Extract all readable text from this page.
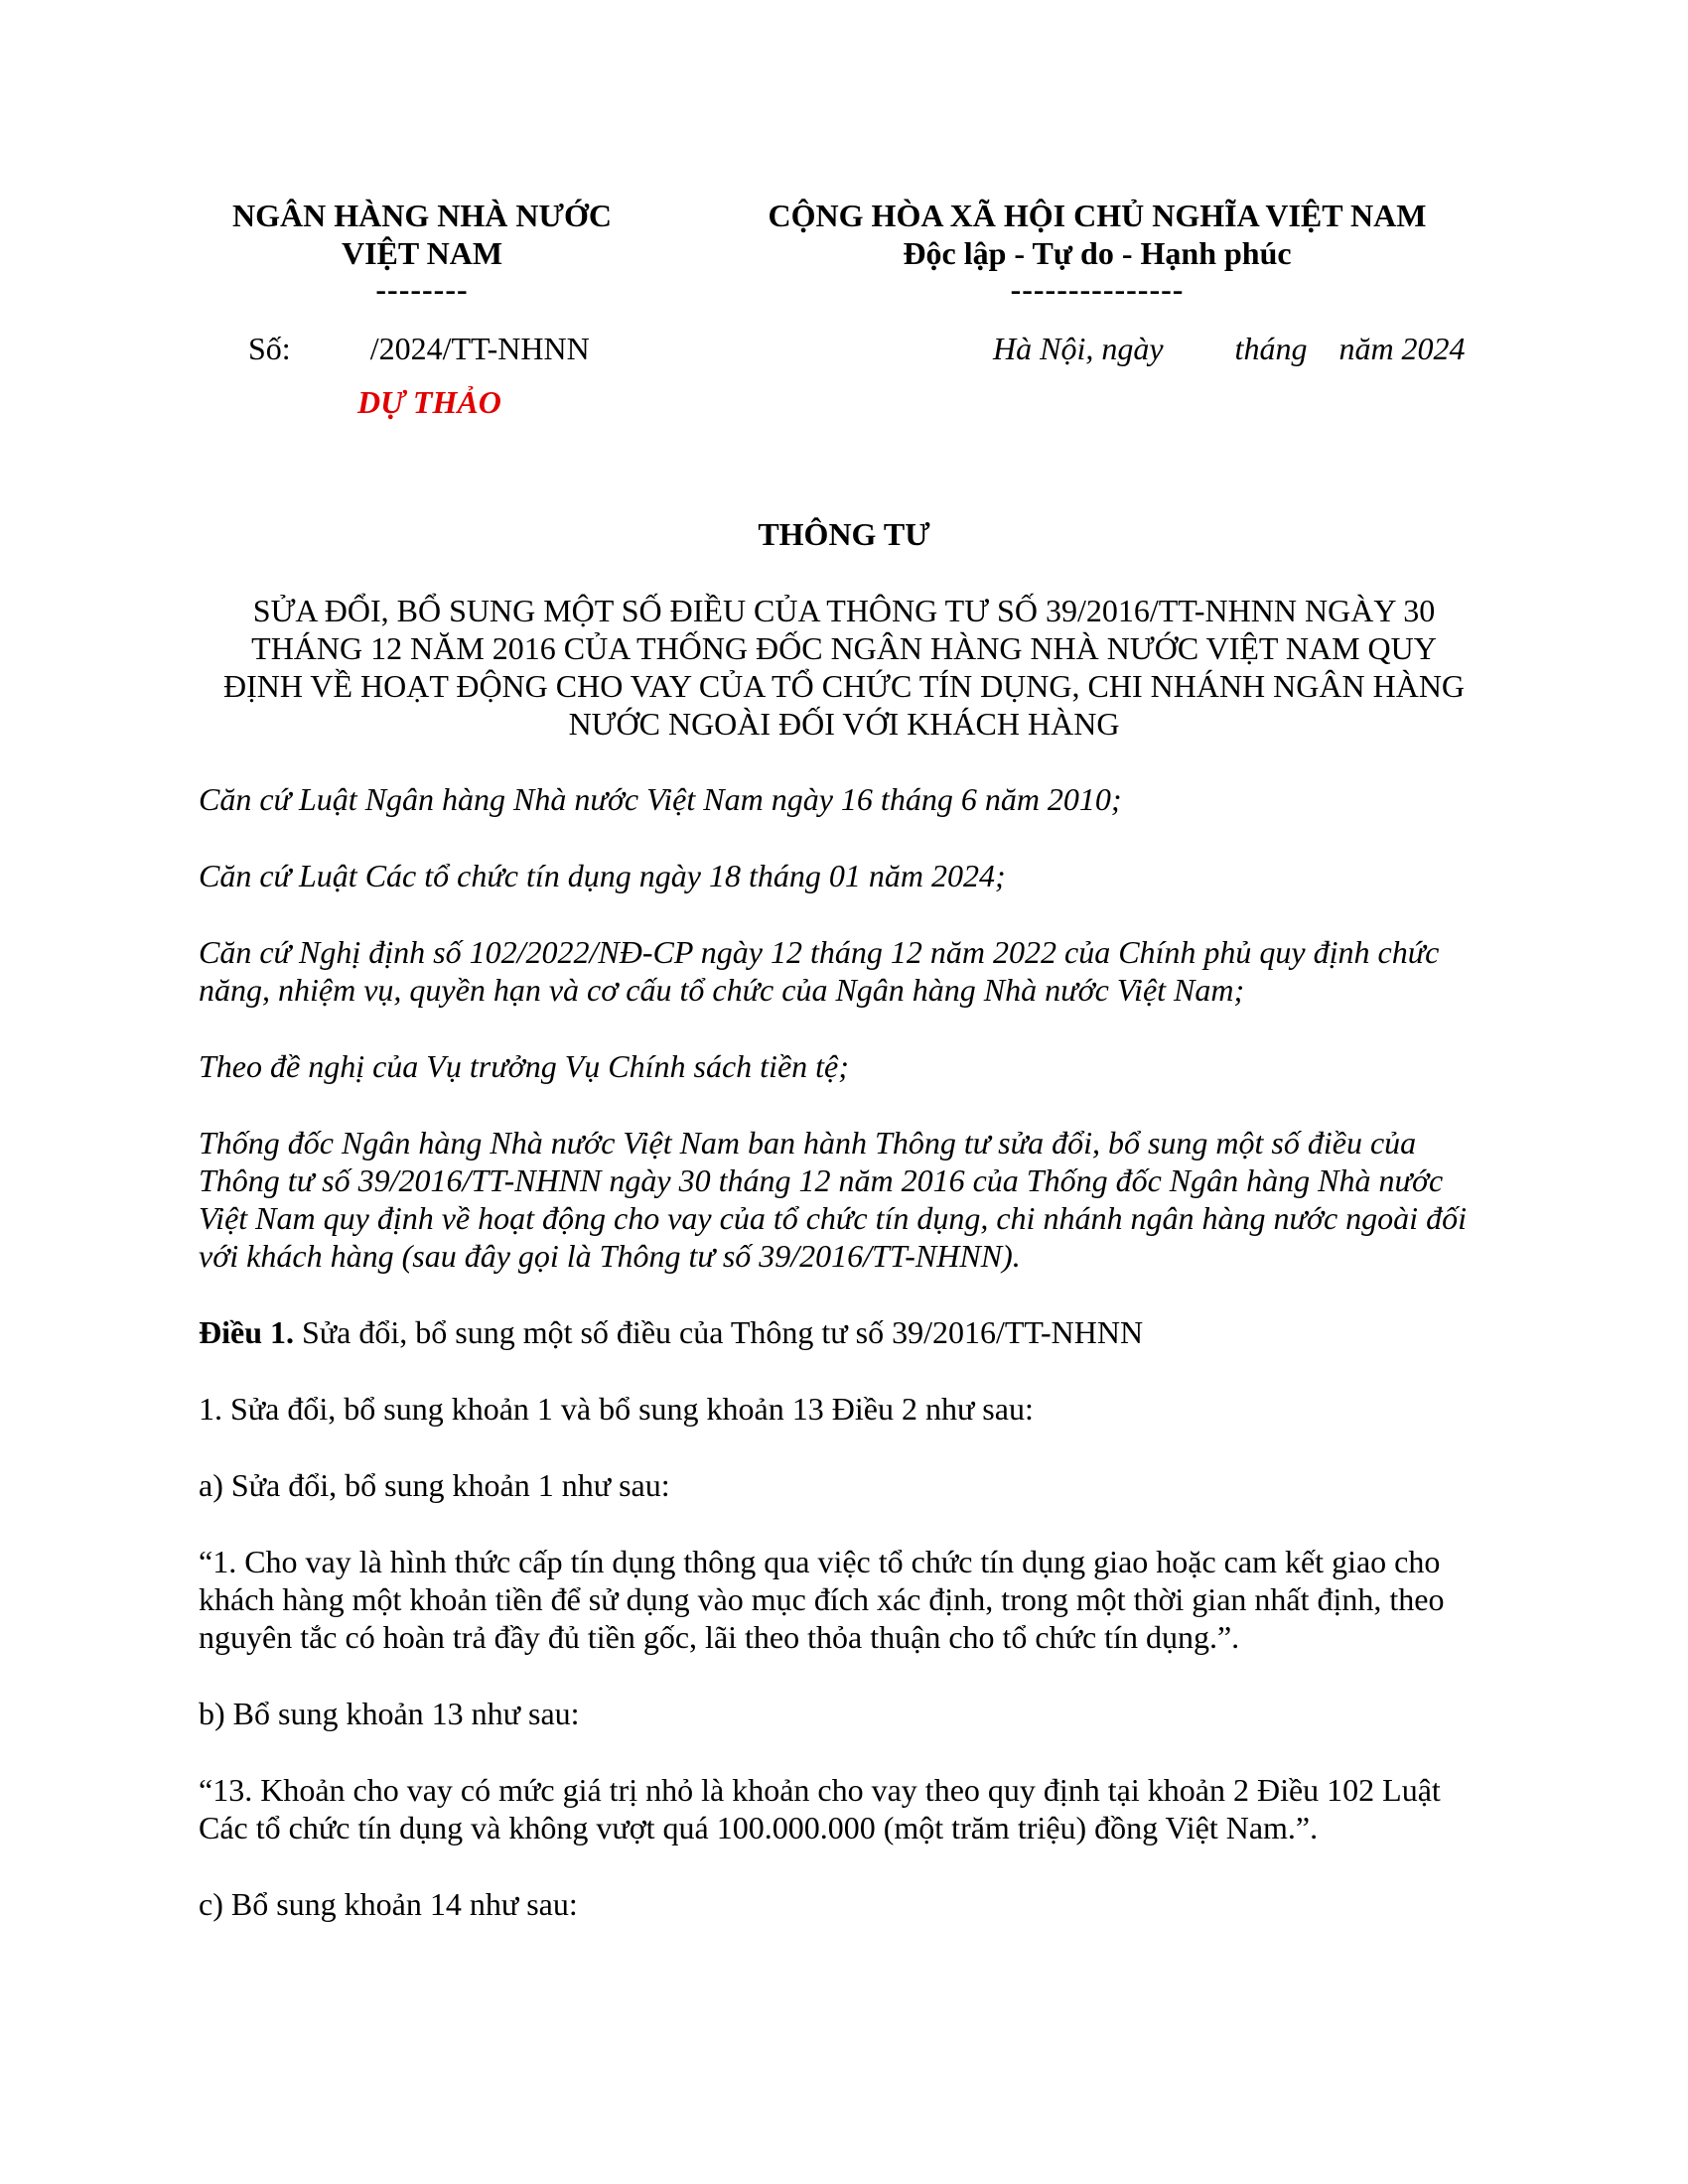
NGÂN HÀNG NHÀ NƯỚC
VIỆT NAM
--------
CỘNG HÒA XÃ HỘI CHỦ NGHĨA VIỆT NAM
Độc lập - Tự do - Hạnh phúc
---------------
Số:	/2024/TT-NHNN	Hà Nội, ngày tháng năm 2024
DỰ THẢO
THÔNG TƯ
SỬA ĐỔI, BỔ SUNG MỘT SỐ ĐIỀU CỦA THÔNG TƯ SỐ 39/2016/TT-NHNN NGÀY 30 THÁNG 12 NĂM 2016 CỦA THỐNG ĐỐC NGÂN HÀNG NHÀ NƯỚC VIỆT NAM QUY ĐỊNH VỀ HOẠT ĐỘNG CHO VAY CỦA TỔ CHỨC TÍN DỤNG, CHI NHÁNH NGÂN HÀNG NƯỚC NGOÀI ĐỐI VỚI KHÁCH HÀNG

Căn cứ Luật Ngân hàng Nhà nước Việt Nam ngày 16 tháng 6 năm 2010;

Căn cứ Luật Các tổ chức tín dụng ngày 18 tháng 01 năm 2024;

Căn cứ Nghị định số 102/2022/NĐ-CP ngày 12 tháng 12 năm 2022 của Chính phủ quy định chức năng, nhiệm vụ, quyền hạn và cơ cấu tổ chức của Ngân hàng Nhà nước Việt Nam;

Theo đề nghị của Vụ trưởng Vụ Chính sách tiền tệ;

Thống đốc Ngân hàng Nhà nước Việt Nam ban hành Thông tư sửa đổi, bổ sung một số điều của Thông tư số 39/2016/TT-NHNN ngày 30 tháng 12 năm 2016 của Thống đốc Ngân hàng Nhà nước Việt Nam quy định về hoạt động cho vay của tổ chức tín dụng, chi nhánh ngân hàng nước ngoài đối với khách hàng (sau đây gọi là Thông tư số 39/2016/TT-NHNN).

Điều 1. Sửa đổi, bổ sung một số điều của Thông tư số 39/2016/TT-NHNN

1. Sửa đổi, bổ sung khoản 1 và bổ sung khoản 13 Điều 2 như sau:

a) Sửa đổi, bổ sung khoản 1 như sau:

“1. Cho vay là hình thức cấp tín dụng thông qua việc tổ chức tín dụng giao hoặc cam kết giao cho khách hàng một khoản tiền để sử dụng vào mục đích xác định, trong một thời gian nhất định, theo nguyên tắc có hoàn trả đầy đủ tiền gốc, lãi theo thỏa thuận cho tổ chức tín dụng.”.

b) Bổ sung khoản 13 như sau:

“13. Khoản cho vay có mức giá trị nhỏ là khoản cho vay theo quy định tại khoản 2 Điều 102 Luật Các tổ chức tín dụng và không vượt quá 100.000.000 (một trăm triệu) đồng Việt Nam.”.

c) Bổ sung khoản 14 như sau:
